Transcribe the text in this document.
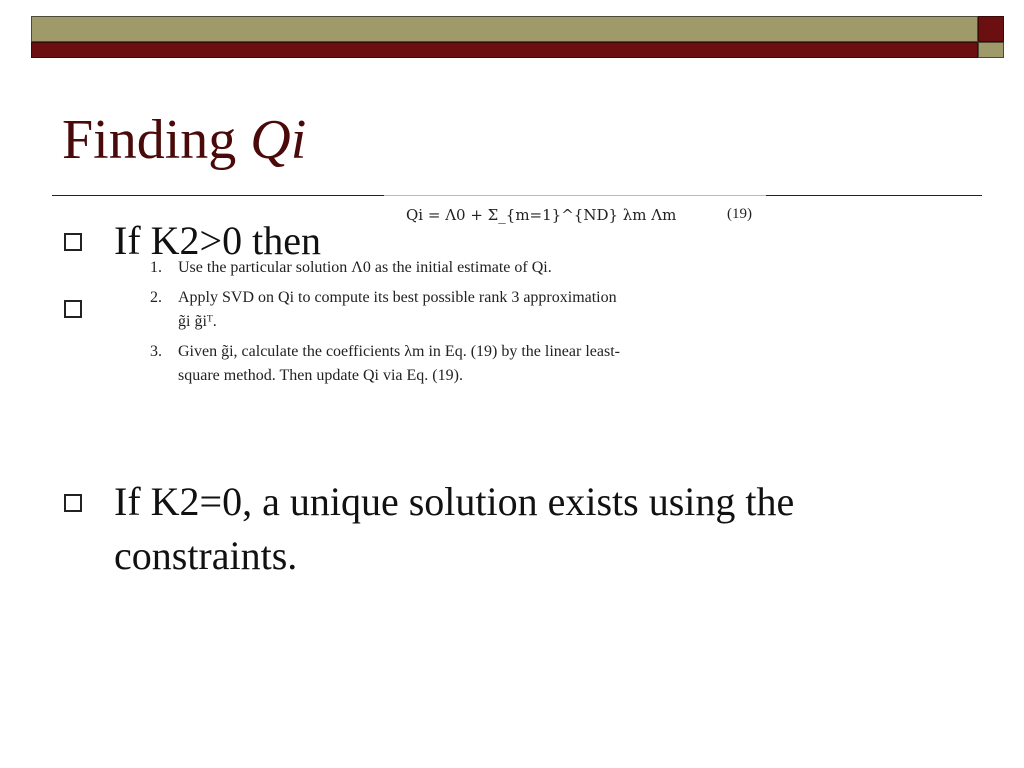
Finding Qi
If K2>0 then
If K2=0, a unique solution exists using the constraints.
Qi = Λ0 + Σ_{m=1}^{ND} λm Λm	(19)
1.	Use the particular solution Λ0 as the initial estimate of Qi.
2.	Apply SVD on Qi to compute its best possible rank 3 approximation g̃i g̃iᵀ.
3.	Given g̃i, calculate the coefficients λm in Eq. (19) by the linear least-square method. Then update Qi via Eq. (19).
